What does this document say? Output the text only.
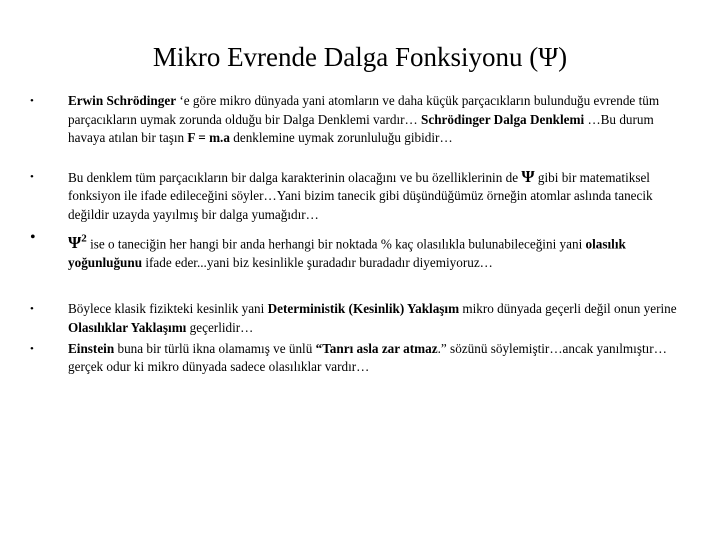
Mikro Evrende Dalga Fonksiyonu (Ψ)
•	Erwin Schrödinger ‘e göre mikro dünyada yani atomların ve daha küçük parçacıkların bulunduğu evrende tüm parçacıkların uymak zorunda olduğu bir Dalga Denklemi vardır… Schrödinger Dalga Denklemi …Bu durum havaya atılan bir taşın F = m.a denklemine uymak zorunluluğu gibidir…
•	Bu denklem tüm parçacıkların bir dalga karakterinin olacağını ve bu özelliklerinin de Ψ gibi bir matematiksel fonksiyon ile ifade edileceğini söyler…Yani bizim tanecik gibi düşündüğümüz örneğin atomlar aslında tanecik değildir uzayda yayılmış bir dalga yumağıdır…
• $\Psi^2$ ise o taneciğin her hangi bir anda herhangi bir noktada % kaç olasılıkla bulunabileceğini yani olasılık yoğunluğunu ifade eder...yani biz kesinlikle şuradadır buradadır diyemiyoruz…
•	Böylece klasik fizikteki kesinlik yani Deterministik (Kesinlik) Yaklaşım mikro dünyada geçerli değil onun yerine Olasılıklar Yaklaşımı geçerlidir…
•	Einstein buna bir türlü ikna olamamış ve ünlü “Tanrı asla zar atmaz.” sözünü söylemiştir…ancak yanılmıştır…gerçek odur ki mikro dünyada sadece olasılıklar vardır…
